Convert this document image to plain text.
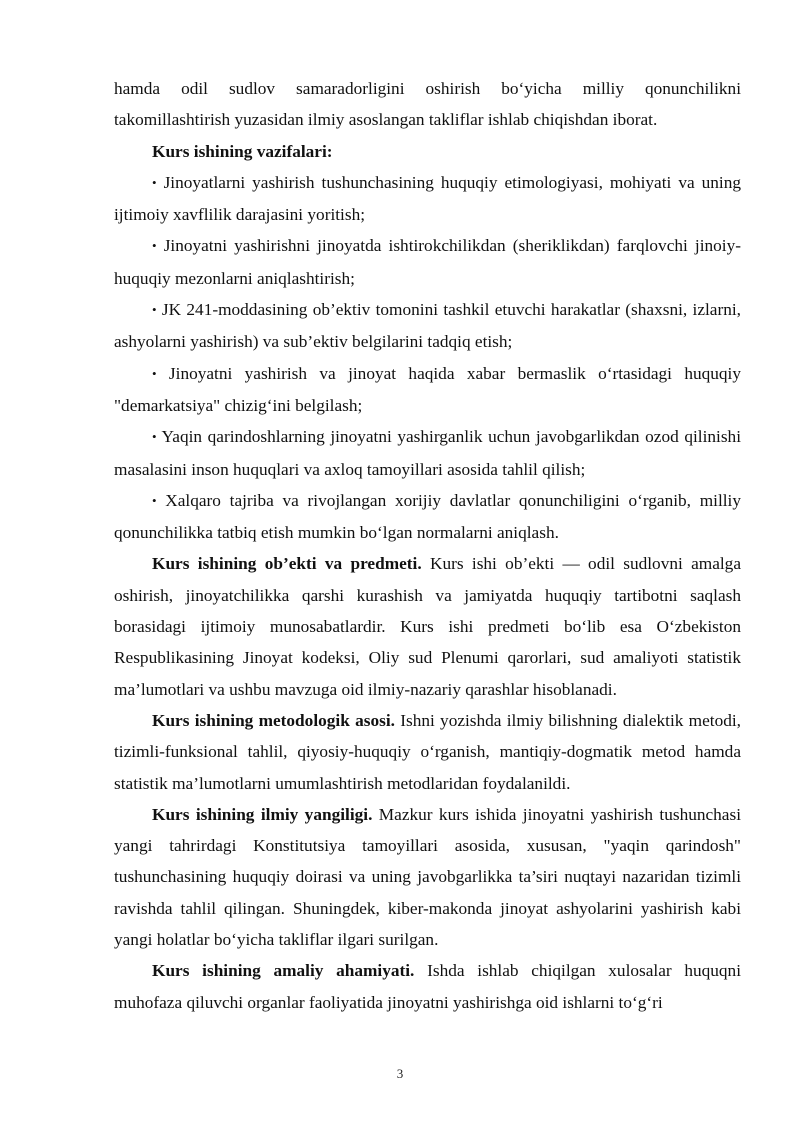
hamda odil sudlov samaradorligini oshirish bo‘yicha milliy qonunchilikni takomillashtirish yuzasidan ilmiy asoslangan takliflar ishlab chiqishdan iborat.

Kurs ishining vazifalari:

• Jinoyatlarni yashirish tushunchasining huquqiy etimologiyasi, mohiyati va uning ijtimoiy xavflilik darajasini yoritish;

• Jinoyatni yashirishni jinoyatda ishtirokchilikdan (sheriklikdan) farqlovchi jinoiy-huquqiy mezonlarni aniqlashtirish;

• JK 241-moddasining ob’ektiv tomonini tashkil etuvchi harakatlar (shaxsni, izlarni, ashyolarni yashirish) va sub’ektiv belgilarini tadqiq etish;

• Jinoyatni yashirish va jinoyat haqida xabar bermaslik o‘rtasidagi huquqiy "demarkatsiya" chizig‘ini belgilash;

• Yaqin qarindoshlarning jinoyatni yashirganlik uchun javobgarlikdan ozod qilinishi masalasini inson huquqlari va axloq tamoyillari asosida tahlil qilish;

• Xalqaro tajriba va rivojlangan xorijiy davlatlar qonunchiligini o‘rganib, milliy qonunchilikka tatbiq etish mumkin bo‘lgan normalarni aniqlash.

Kurs ishining ob’ekti va predmeti. Kurs ishi ob’ekti — odil sudlovni amalga oshirish, jinoyatchilikka qarshi kurashish va jamiyatda huquqiy tartibotni saqlash borasidagi ijtimoiy munosabatlardir. Kurs ishi predmeti bo‘lib esa O‘zbekiston Respublikasining Jinoyat kodeksi, Oliy sud Plenumi qarorlari, sud amaliyoti statistik ma’lumotlari va ushbu mavzuga oid ilmiy-nazariy qarashlar hisoblanadi.

Kurs ishining metodologik asosi. Ishni yozishda ilmiy bilishning dialektik metodi, tizimli-funksional tahlil, qiyosiy-huquqiy o‘rganish, mantiqiy-dogmatik metod hamda statistik ma’lumotlarni umumlashtirish metodlaridan foydalanildi.

Kurs ishining ilmiy yangiligi. Mazkur kurs ishida jinoyatni yashirish tushunchasi yangi tahrirdagi Konstitutsiya tamoyillari asosida, xususan, "yaqin qarindosh" tushunchasining huquqiy doirasi va uning javobgarlikka ta’siri nuqtayi nazaridan tizimli ravishda tahlil qilingan. Shuningdek, kiber-makonda jinoyat ashyolarini yashirish kabi yangi holatlar bo‘yicha takliflar ilgari surilgan.

Kurs ishining amaliy ahamiyati. Ishda ishlab chiqilgan xulosalar huquqni muhofaza qiluvchi organlar faoliyatida jinoyatni yashirishga oid ishlarni to‘g‘ri

3
